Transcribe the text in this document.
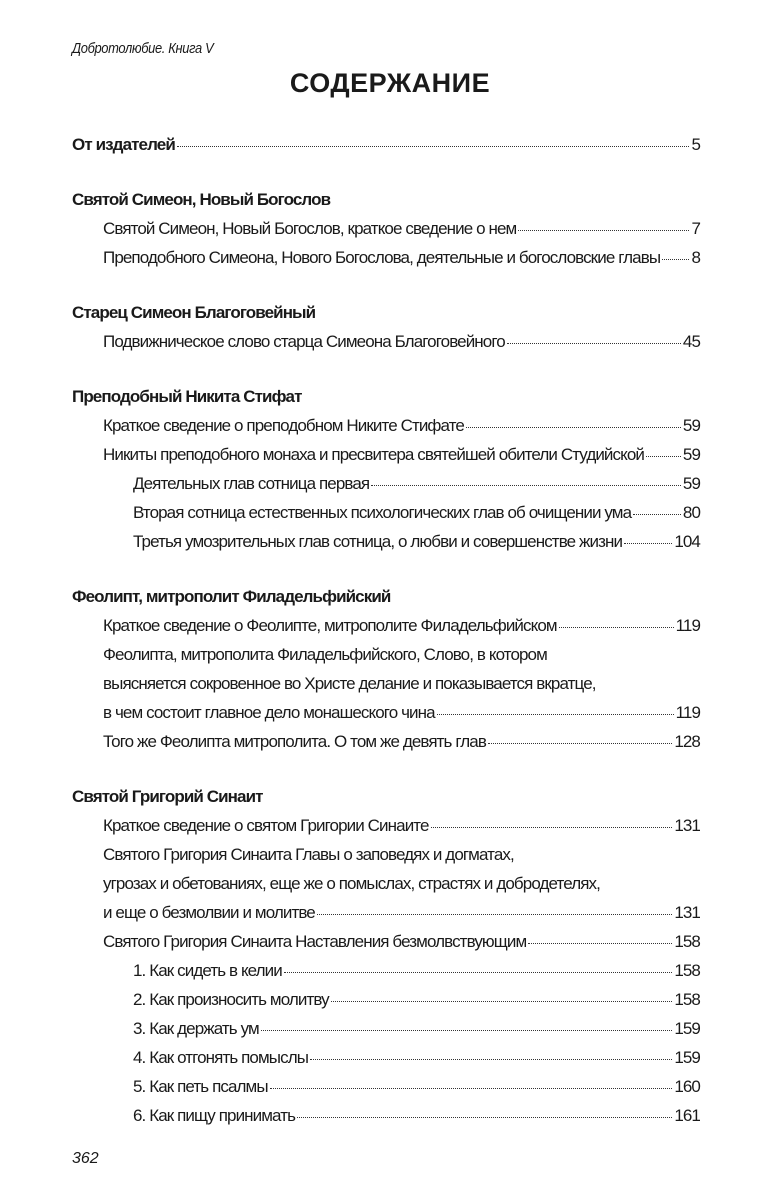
Добротолюбие. Книга V
СОДЕРЖАНИЕ
От издателей	5
Святой Симеон, Новый Богослов
Святой Симеон, Новый Богослов, краткое сведение о нем	7
Преподобного Симеона, Нового Богослова, деятельные и богословские главы 8
Старец Симеон Благоговейный
Подвижническое слово старца Симеона Благоговейного	45
Преподобный Никита Стифат
Краткое сведение о преподобном Никите Стифате	59
Никиты преподобного монаха и пресвитера святейшей обители Студийской 59
Деятельных глав сотница первая	59
Вторая сотница естественных психологических глав об очищении ума	80
Третья умозрительных глав сотница, о любви и совершенстве жизни	104
Феолипт, митрополит Филадельфийский
Краткое сведение о Феолипте, митрополите Филадельфийском	119
Феолипта, митрополита Филадельфийского, Слово, в котором
выясняется сокровенное во Христе делание и показывается вкратце,
в чем состоит главное дело монашеского чина	119
Того же Феолипта митрополита. О том же девять глав	128
Святой Григорий Синаит
Краткое сведение о святом Григории Синаите	131
Святого Григория Синаита Главы о заповедях и догматах,
угрозах и обетованиях, еще же о помыслах, страстях и добродетелях,
и еще о безмолвии и молитве	131
Святого Григория Синаита Наставления безмолвствующим	158
1. Как сидеть в келии	158
2. Как произносить молитву	158
3. Как держать ум	159
4. Как отгонять помыслы	159
5. Как петь псалмы	160
6. Как пищу принимать	161
362
